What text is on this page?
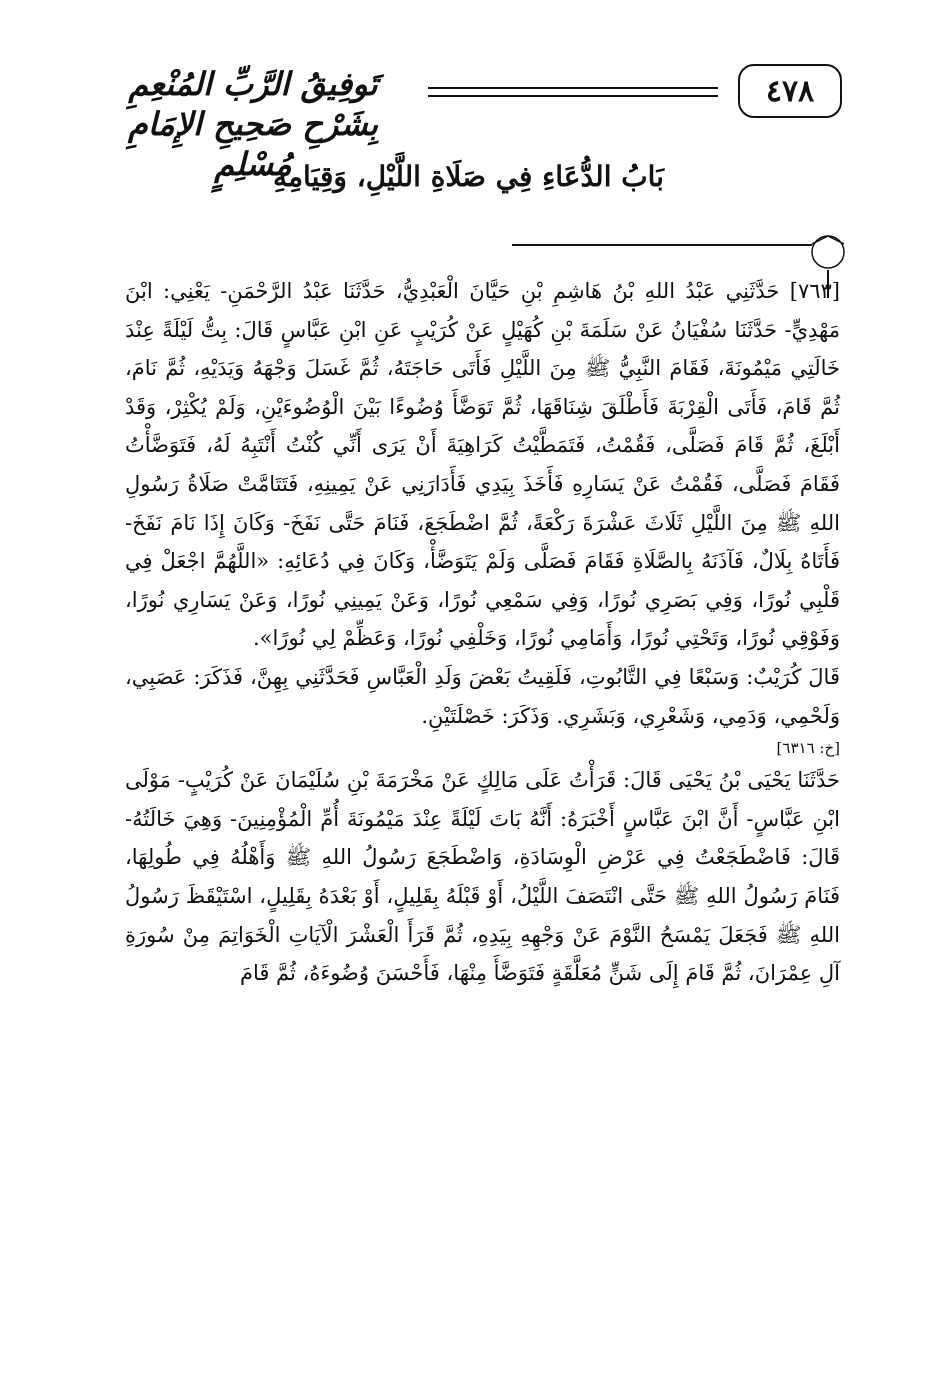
تَوفِيقُ الرَّبِّ المُنْعِمِ بِشَرْحِ صَحِيحِ الإِمَامِ مُسْلِمٍ
٤٧٨
بَابُ الدُّعَاءِ فِي صَلَاةِ اللَّيْلِ، وَقِيَامِهِ

[٧٦٣] حَدَّثَنِي عَبْدُ اللهِ بْنُ هَاشِمِ بْنِ حَيَّانَ الْعَبْدِيُّ، حَدَّثَنَا عَبْدُ الرَّحْمَنِ- يَعْنِي: ابْنَ مَهْدِيٍّ- حَدَّثَنَا سُفْيَانُ عَنْ سَلَمَةَ بْنِ كُهَيْلٍ عَنْ كُرَيْبٍ عَنِ ابْنِ عَبَّاسٍ قَالَ: بِتُّ لَيْلَةً عِنْدَ خَالَتِي مَيْمُونَةَ، فَقَامَ النَّبِيُّ ﷺ مِنَ اللَّيْلِ فَأَتَى حَاجَتَهُ، ثُمَّ غَسَلَ وَجْهَهُ وَيَدَيْهِ، ثُمَّ نَامَ، ثُمَّ قَامَ، فَأَتَى الْقِرْبَةَ فَأَطْلَقَ شِنَاقَهَا، ثُمَّ تَوَضَّأَ وُضُوءًا بَيْنَ الْوُضُوءَيْنِ، وَلَمْ يُكْثِرْ، وَقَدْ أَبْلَغَ، ثُمَّ قَامَ فَصَلَّى، فَقُمْتُ، فَتَمَطَّيْتُ كَرَاهِيَةَ أَنْ يَرَى أَنِّي كُنْتُ أَنْتَبِهُ لَهُ، فَتَوَضَّأْتُ فَقَامَ فَصَلَّى، فَقُمْتُ عَنْ يَسَارِهِ فَأَخَذَ بِيَدِي فَأَدَارَنِي عَنْ يَمِينِهِ، فَتَتَامَّتْ صَلَاةُ رَسُولِ اللهِ ﷺ مِنَ اللَّيْلِ ثَلَاثَ عَشْرَةَ رَكْعَةً، ثُمَّ اضْطَجَعَ، فَنَامَ حَتَّى نَفَخَ- وَكَانَ إِذَا نَامَ نَفَخَ- فَأَتَاهُ بِلَالٌ، فَآذَنَهُ بِالصَّلَاةِ فَقَامَ فَصَلَّى وَلَمْ يَتَوَضَّأْ، وَكَانَ فِي دُعَائِهِ: «اللَّهُمَّ اجْعَلْ فِي قَلْبِي نُورًا، وَفِي بَصَرِي نُورًا، وَفِي سَمْعِي نُورًا، وَعَنْ يَمِينِي نُورًا، وَعَنْ يَسَارِي نُورًا، وَفَوْقِي نُورًا، وَتَحْتِي نُورًا، وَأَمَامِي نُورًا، وَخَلْفِي نُورًا، وَعَظِّمْ لِي نُورًا».

قَالَ كُرَيْبٌ: وَسَبْعًا فِي التَّابُوتِ، فَلَقِيتُ بَعْضَ وَلَدِ الْعَبَّاسِ فَحَدَّثَنِي بِهِنَّ، فَذَكَرَ: عَصَبِي، وَلَحْمِي، وَدَمِي، وَشَعْرِي، وَبَشَرِي. وَذَكَرَ: خَصْلَتَيْنِ.

[خ: ٦٣١٦]

حَدَّثَنَا يَحْيَى بْنُ يَحْيَى قَالَ: قَرَأْتُ عَلَى مَالِكٍ عَنْ مَخْرَمَةَ بْنِ سُلَيْمَانَ عَنْ كُرَيْبٍ- مَوْلَى ابْنِ عَبَّاسٍ- أَنَّ ابْنَ عَبَّاسٍ أَخْبَرَهُ: أَنَّهُ بَاتَ لَيْلَةً عِنْدَ مَيْمُونَةَ أُمِّ الْمُؤْمِنِينَ- وَهِيَ خَالَتُهُ- قَالَ: فَاضْطَجَعْتُ فِي عَرْضِ الْوِسَادَةِ، وَاضْطَجَعَ رَسُولُ اللهِ ﷺ وَأَهْلُهُ فِي طُولِهَا، فَنَامَ رَسُولُ اللهِ ﷺ حَتَّى انْتَصَفَ اللَّيْلُ، أَوْ قَبْلَهُ بِقَلِيلٍ، أَوْ بَعْدَهُ بِقَلِيلٍ، اسْتَيْقَظَ رَسُولُ اللهِ ﷺ فَجَعَلَ يَمْسَحُ النَّوْمَ عَنْ وَجْهِهِ بِيَدِهِ، ثُمَّ قَرَأَ الْعَشْرَ الْآيَاتِ الْخَوَاتِمَ مِنْ سُورَةِ آلِ عِمْرَانَ، ثُمَّ قَامَ إِلَى شَنٍّ مُعَلَّقَةٍ فَتَوَضَّأَ مِنْهَا، فَأَحْسَنَ وُضُوءَهُ، ثُمَّ قَامَ
